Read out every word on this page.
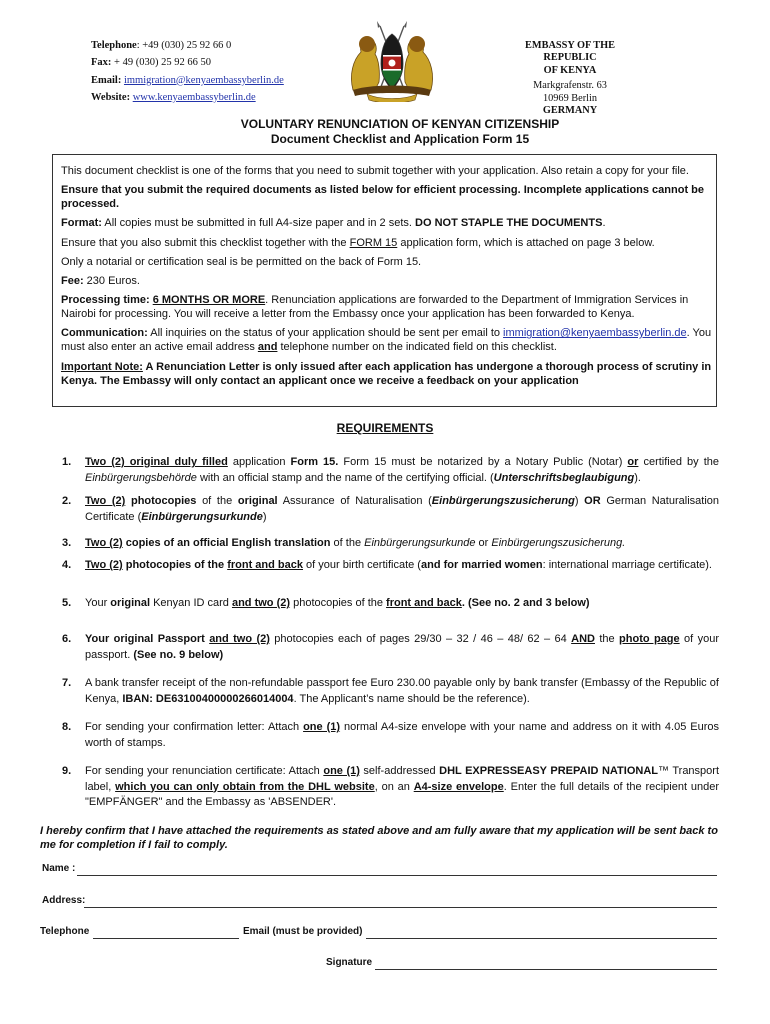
Telephone: +49 (030) 25 92 66 0
Fax: + 49 (030) 25 92 66 50
Email: immigration@kenyaembassyberlin.de
Website: www.kenyaembassyberlin.de
EMBASSY OF THE REPUBLIC
OF KENYA
Markgrafenstr. 63
10969 Berlin
GERMANY
VOLUNTARY RENUNCIATION OF KENYAN CITIZENSHIP
Document Checklist and Application Form 15

This document checklist is one of the forms that you need to submit together with your application. Also retain a copy for your file.

Ensure that you submit the required documents as listed below for efficient processing. Incomplete applications cannot be processed.

Format: All copies must be submitted in full A4-size paper and in 2 sets. DO NOT STAPLE THE DOCUMENTS.

Ensure that you also submit this checklist together with the FORM 15 application form, which is attached on page 3 below.

Only a notarial or certification seal is be permitted on the back of Form 15.

Fee: 230 Euros.

Processing time: 6 MONTHS OR MORE. Renunciation applications are forwarded to the Department of Immigration Services in Nairobi for processing. You will receive a letter from the Embassy once your application has been forwarded to Kenya.

Communication: All inquiries on the status of your application should be sent per email to immigration@kenyaembassyberlin.de. You must also enter an active email address and telephone number on the indicated field on this checklist.

Important Note: A Renunciation Letter is only issued after each application has undergone a thorough process of scrutiny in Kenya. The Embassy will only contact an applicant once we receive a feedback on your application

REQUIREMENTS
1. Two (2) original duly filled application Form 15. Form 15 must be notarized by a Notary Public (Notar) or certified by the Einbürgerungsbehörde with an official stamp and the name of the certifying official. (Unterschriftsbeglaubigung).
2. Two (2) photocopies of the original Assurance of Naturalisation (Einbürgerungszusicherung) OR German Naturalisation Certificate (Einbürgerungsurkunde)
3. Two (2) copies of an official English translation of the Einbürgerungsurkunde or Einbürgerungszusicherung.
4. Two (2) photocopies of the front and back of your birth certificate (and for married women: international marriage certificate).
5. Your original Kenyan ID card and two (2) photocopies of the front and back. (See no. 2 and 3 below)
6. Your original Passport and two (2) photocopies each of pages 29/30 – 32 / 46 – 48/ 62 – 64 AND the photo page of your passport. (See no. 9 below)
7. A bank transfer receipt of the non-refundable passport fee Euro 230.00 payable only by bank transfer (Embassy of the Republic of Kenya, IBAN: DE63100400000266014004. The Applicant’s name should be the reference).
8. For sending your confirmation letter: Attach one (1) normal A4-size envelope with your name and address on it with 4.05 Euros worth of stamps.
9. For sending your renunciation certificate: Attach one (1) self-addressed DHL EXPRESSEASY PREPAID NATIONAL™ Transport label, which you can only obtain from the DHL website, on an A4-size envelope. Enter the full details of the recipient under "EMPFÄNGER" and the Embassy as 'ABSENDER'.
I hereby confirm that I have attached the requirements as stated above and am fully aware that my application will be sent back to me for completion if I fail to comply.
Name :
Address:
Telephone	Email (must be provided)
Signature
